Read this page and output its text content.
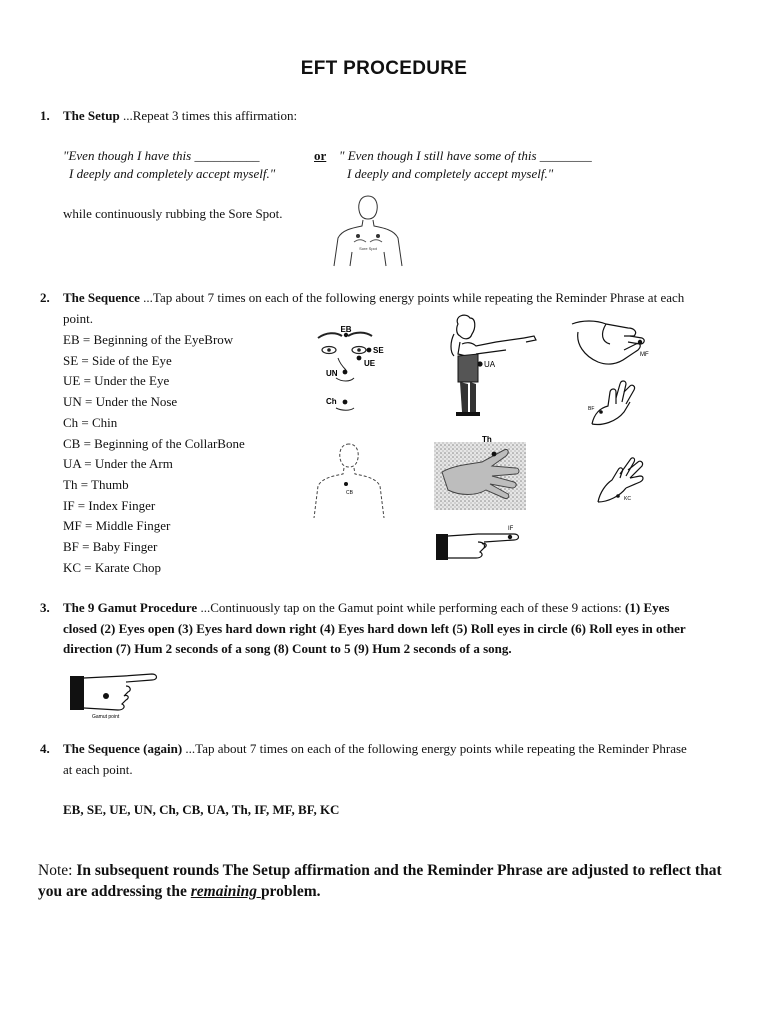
EFT PROCEDURE
1. The Setup ...Repeat 3 times this affirmation:
"Even though I have this __________
I deeply and completely accept myself."
or " Even though I still have some of this ________
I deeply and completely accept myself."
while continuously rubbing the Sore Spot.
Sore Spot
2. The Sequence ...Tap about 7 times on each of the following energy points while repeating the Reminder Phrase at each point.
EB = Beginning of the EyeBrow
SE = Side of the Eye
UE = Under the Eye
UN = Under the Nose
Ch = Chin
CB = Beginning of the CollarBone
UA = Under the Arm
Th = Thumb
IF = Index Finger
MF = Middle Finger
BF = Baby Finger
KC = Karate Chop
EB
SE
UE
UN
Ch
UA
MF
BF
CB
Th
KC
IF
3. The 9 Gamut Procedure ...Continuously tap on the Gamut point while performing each of these 9 actions: (1) Eyes closed (2) Eyes open (3) Eyes hard down right (4) Eyes hard down left (5) Roll eyes in circle (6) Roll eyes in other direction (7) Hum 2 seconds of a song (8) Count to 5 (9) Hum 2 seconds of a song.
Gamut point
4. The Sequence (again) ...Tap about 7 times on each of the following energy points while repeating the Reminder Phrase at each point.
EB, SE, UE, UN, Ch, CB, UA, Th, IF, MF, BF, KC
Note: In subsequent rounds The Setup affirmation and the Reminder Phrase are adjusted to reflect that you are addressing the remaining problem.
